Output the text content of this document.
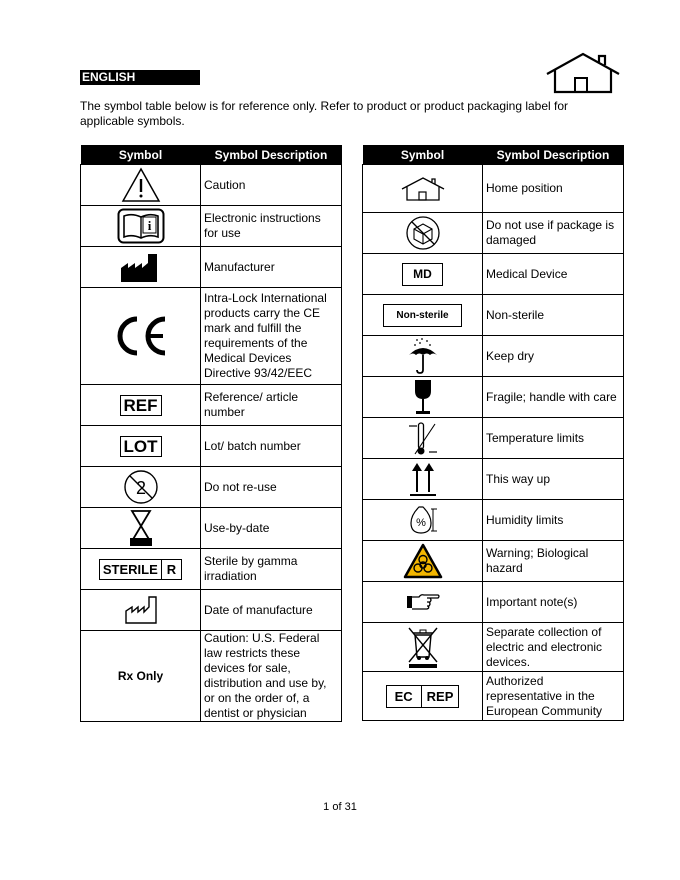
ENGLISH
The symbol table below is for reference only. Refer to product or product packaging label for applicable symbols.
Symbol	Symbol Description

	Caution

i	Electronic instructions for use

	Manufacturer

	Intra-Lock International products carry the CE mark and fulfill the requirements of the Medical Devices Directive 93/42/EEC
REF	Reference/ article number
LOT	Lot/ batch number

2	Do not re-use

	Use-by-date

STERILE R	Sterile by gamma irradiation

	Date of manufacture
Rx Only	Caution: U.S. Federal law restricts these devices for sale, distribution and use by, or on the order of, a dentist or physician
Symbol	Symbol Description

	Home position

	Do not use if package is damaged
MD	Medical Device
Non-sterile	Non-sterile

	Keep dry

	Fragile; handle with care

	Temperature limits

	This way up

%	Humidity limits

	Warning; Biological hazard

	Important note(s)

	Separate collection of electric and electronic devices.

EC REP	Authorized representative in the European Community
1 of 31
